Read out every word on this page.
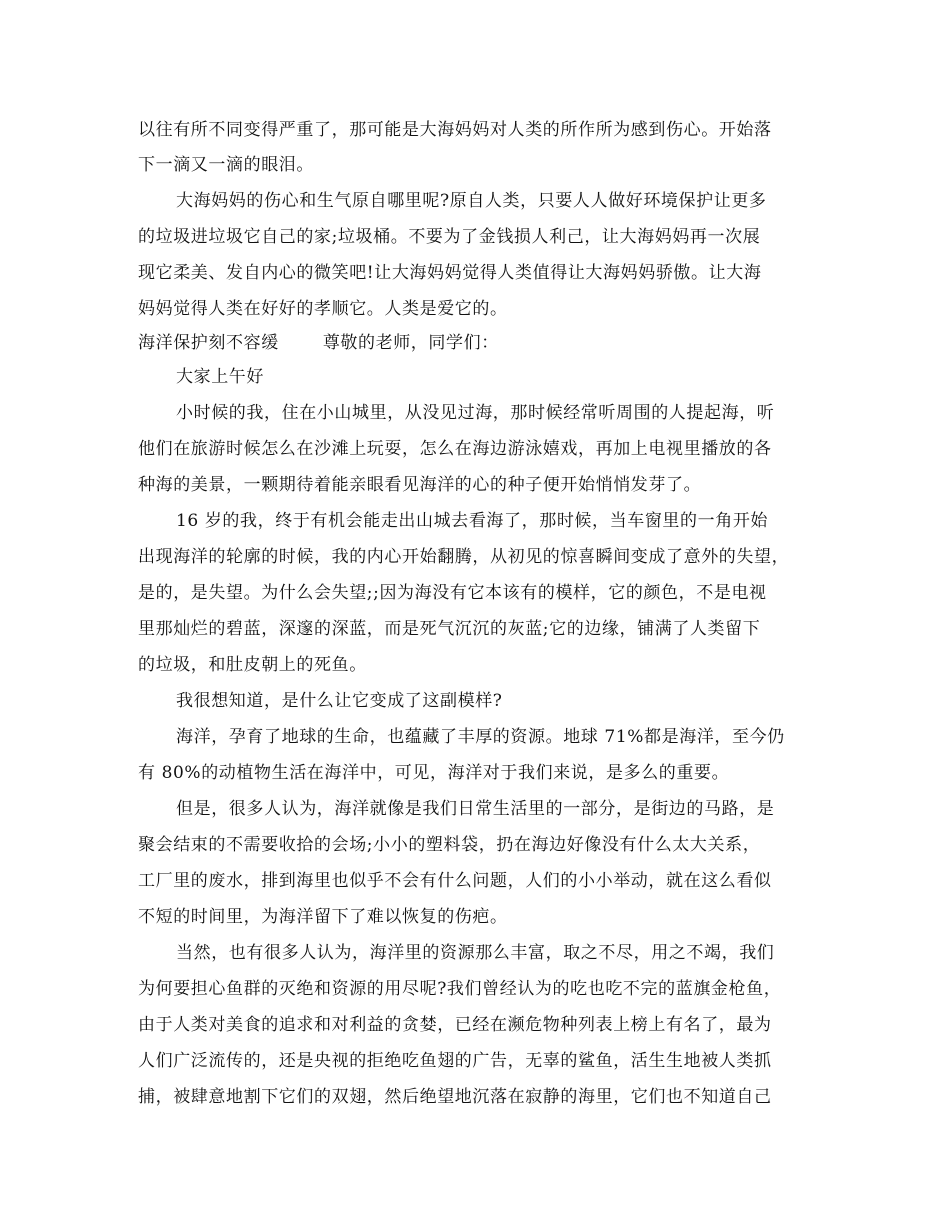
以往有所不同变得严重了，那可能是大海妈妈对人类的所作所为感到伤心。开始落
下一滴又一滴的眼泪。
大海妈妈的伤心和生气原自哪里呢?原自人类，只要人人做好环境保护让更多
的垃圾进垃圾它自己的家;垃圾桶。不要为了金钱损人利己，让大海妈妈再一次展
现它柔美、发自内心的微笑吧!让大海妈妈觉得人类值得让大海妈妈骄傲。让大海
妈妈觉得人类在好好的孝顺它。人类是爱它的。
海洋保护刻不容缓	尊敬的老师，同学们：
大家上午好
小时候的我，住在小山城里，从没见过海，那时候经常听周围的人提起海，听
他们在旅游时候怎么在沙滩上玩耍，怎么在海边游泳嬉戏，再加上电视里播放的各
种海的美景，一颗期待着能亲眼看见海洋的心的种子便开始悄悄发芽了。
16 岁的我，终于有机会能走出山城去看海了，那时候，当车窗里的一角开始
出现海洋的轮廓的时候，我的内心开始翻腾，从初见的惊喜瞬间变成了意外的失望，
是的，是失望。为什么会失望;;因为海没有它本该有的模样，它的颜色，不是电视
里那灿烂的碧蓝，深邃的深蓝，而是死气沉沉的灰蓝;它的边缘，铺满了人类留下
的垃圾，和肚皮朝上的死鱼。
我很想知道，是什么让它变成了这副模样?
海洋，孕育了地球的生命，也蕴藏了丰厚的资源。地球 71%都是海洋，至今仍
有 80%的动植物生活在海洋中，可见，海洋对于我们来说，是多么的重要。
但是，很多人认为，海洋就像是我们日常生活里的一部分，是街边的马路，是
聚会结束的不需要收拾的会场;小小的塑料袋，扔在海边好像没有什么太大关系，
工厂里的废水，排到海里也似乎不会有什么问题，人们的小小举动，就在这么看似
不短的时间里，为海洋留下了难以恢复的伤疤。
当然，也有很多人认为，海洋里的资源那么丰富，取之不尽，用之不竭，我们
为何要担心鱼群的灭绝和资源的用尽呢?我们曾经认为的吃也吃不完的蓝旗金枪鱼，
由于人类对美食的追求和对利益的贪婪，已经在濒危物种列表上榜上有名了，最为
人们广泛流传的，还是央视的拒绝吃鱼翅的广告，无辜的鲨鱼，活生生地被人类抓
捕，被肆意地割下它们的双翅，然后绝望地沉落在寂静的海里，它们也不知道自己
